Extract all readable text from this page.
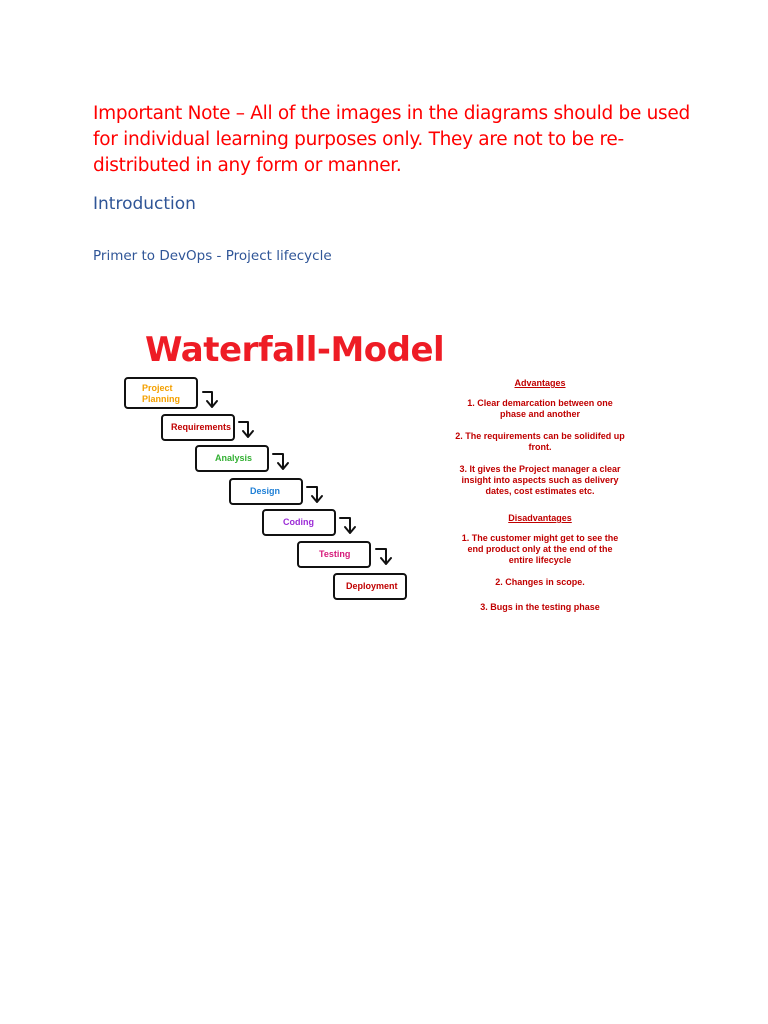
Important Note – All of the images in the diagrams should be used for individual learning purposes only. They are not to be re-distributed in any form or manner.
Introduction
Primer to DevOps - Project lifecycle
Waterfall-Model
Project
Planning
Requirements
Analysis
Design
Coding
Testing
Deployment
Advantages

1. Clear demarcation between one phase and another

2. The requirements can be solidifed up front.

3. It gives the Project manager a clear insight into aspects such as delivery dates, cost estimates etc.

Disadvantages

1. The customer might get to see the end product only at the end of the entire lifecycle

2. Changes in scope.

3. Bugs in the testing phase
